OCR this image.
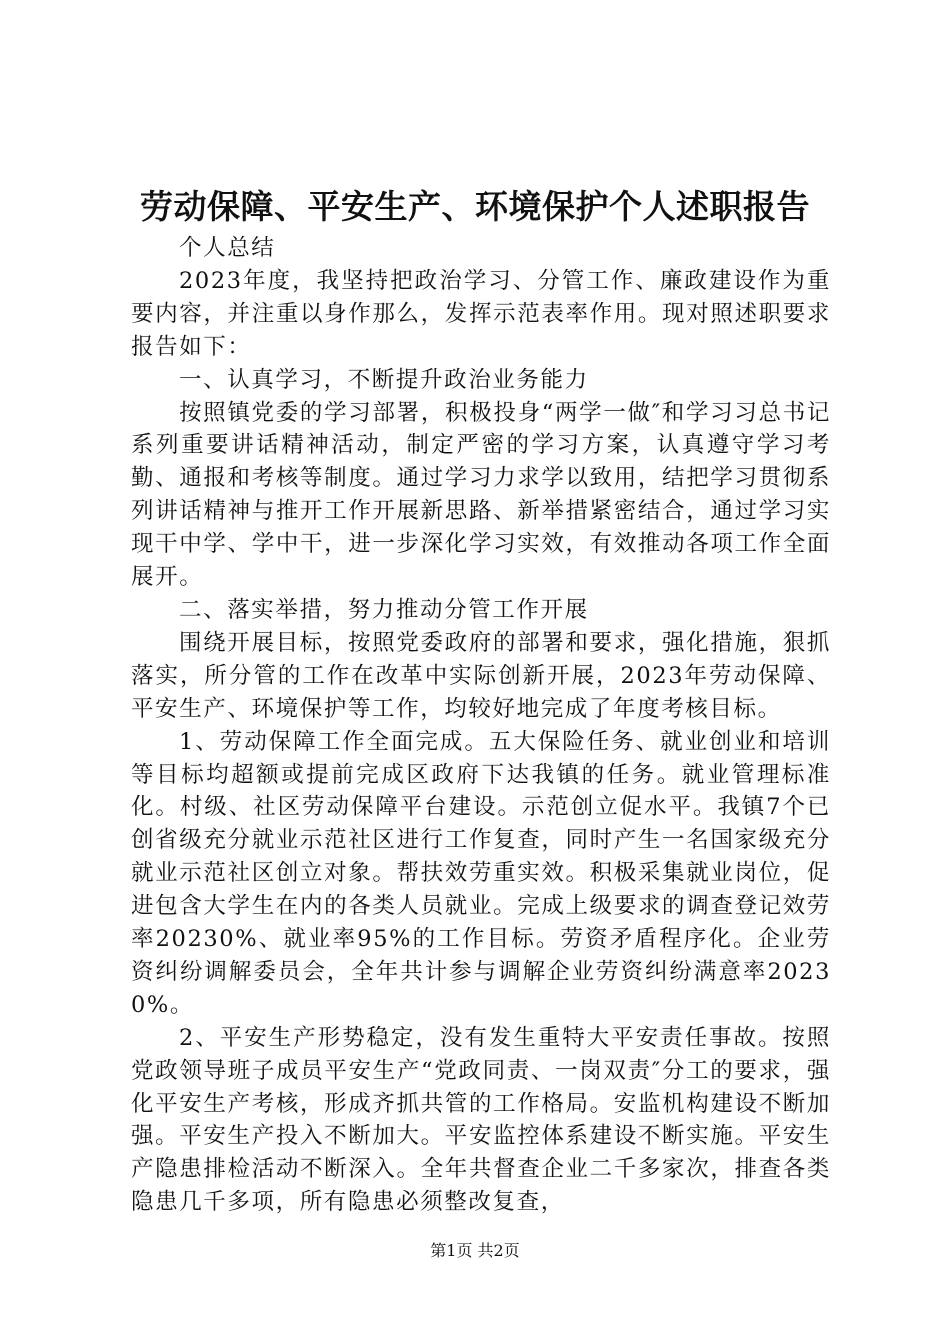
劳动保障、平安生产、环境保护个人述职报告

个人总结

2023年度，我坚持把政治学习、分管工作、廉政建设作为重要内容，并注重以身作那么，发挥示范表率作用。现对照述职要求报告如下：

一、认真学习，不断提升政治业务能力

按照镇党委的学习部署，积极投身“两学一做″和学习习总书记系列重要讲话精神活动，制定严密的学习方案，认真遵守学习考勤、通报和考核等制度。通过学习力求学以致用，结把学习贯彻系列讲话精神与推开工作开展新思路、新举措紧密结合，通过学习实现干中学、学中干，进一步深化学习实效，有效推动各项工作全面展开。

二、落实举措，努力推动分管工作开展

围绕开展目标，按照党委政府的部署和要求，强化措施，狠抓落实，所分管的工作在改革中实际创新开展，2023年劳动保障、平安生产、环境保护等工作，均较好地完成了年度考核目标。

1、劳动保障工作全面完成。五大保险任务、就业创业和培训等目标均超额或提前完成区政府下达我镇的任务。就业管理标准化。村级、社区劳动保障平台建设。示范创立促水平。我镇7个已创省级充分就业示范社区进行工作复查，同时产生一名国家级充分就业示范社区创立对象。帮扶效劳重实效。积极采集就业岗位，促进包含大学生在内的各类人员就业。完成上级要求的调查登记效劳率20230%、就业率95%的工作目标。劳资矛盾程序化。企业劳资纠纷调解委员会，全年共计参与调解企业劳资纠纷满意率20230%。

2、平安生产形势稳定，没有发生重特大平安责任事故。按照党政领导班子成员平安生产“党政同责、一岗双责″分工的要求，强化平安生产考核，形成齐抓共管的工作格局。安监机构建设不断加强。平安生产投入不断加大。平安监控体系建设不断实施。平安生产隐患排检活动不断深入。全年共督查企业二千多家次，排查各类隐患几千多项，所有隐患必须整改复查，

第1页 共2页
